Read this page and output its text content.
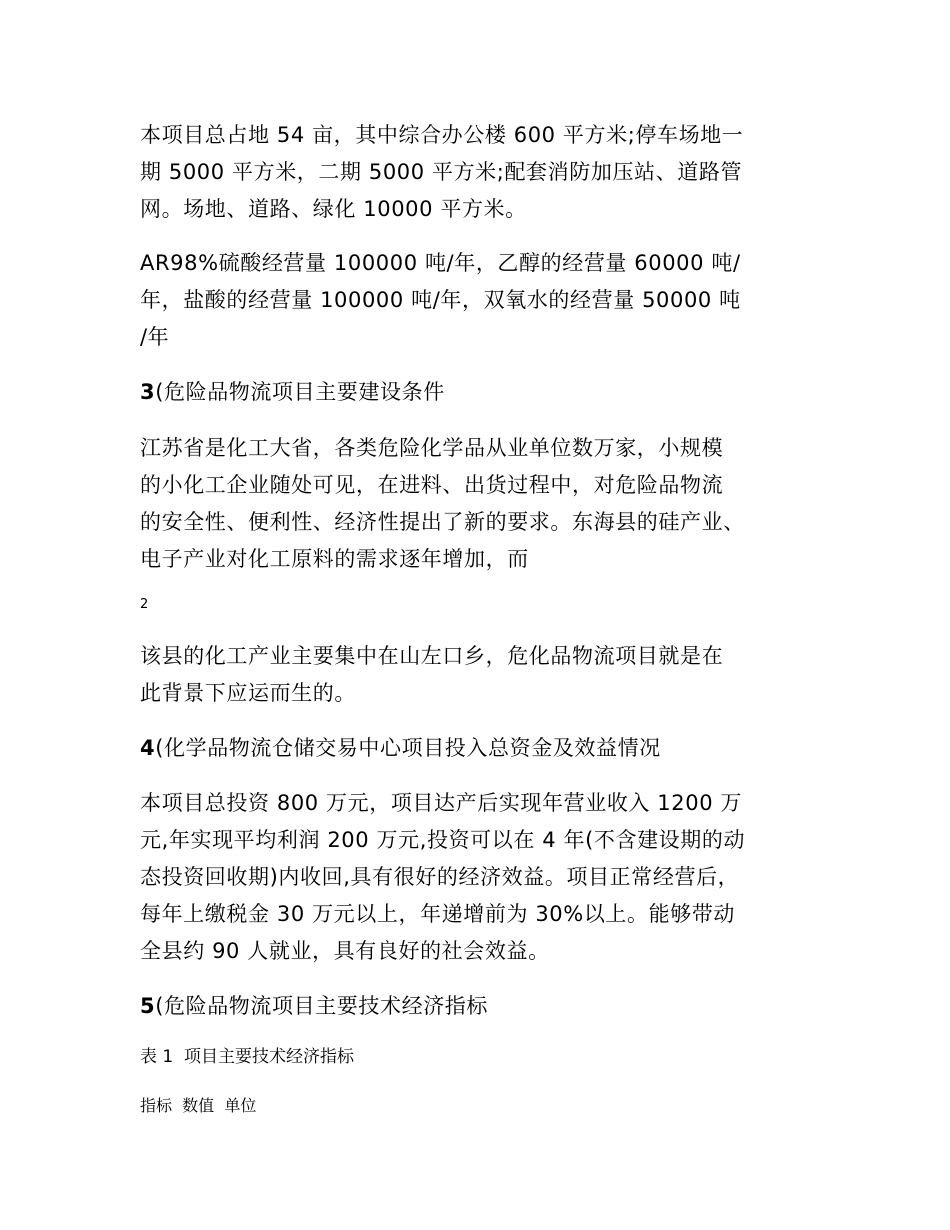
本项目总占地 54 亩，其中综合办公楼 600 平方米;停车场地一
期 5000 平方米，二期 5000 平方米;配套消防加压站、道路管
网。场地、道路、绿化 10000 平方米。
AR98%硫酸经营量 100000 吨/年，乙醇的经营量 60000 吨/
年，盐酸的经营量 100000 吨/年，双氧水的经营量 50000 吨
/年
3(危险品物流项目主要建设条件
江苏省是化工大省，各类危险化学品从业单位数万家，小规模
的小化工企业随处可见，在进料、出货过程中，对危险品物流
的安全性、便利性、经济性提出了新的要求。东海县的硅产业、
电子产业对化工原料的需求逐年增加，而
2
该县的化工产业主要集中在山左口乡，危化品物流项目就是在
此背景下应运而生的。
4(化学品物流仓储交易中心项目投入总资金及效益情况
本项目总投资 800 万元，项目达产后实现年营业收入 1200 万
元,年实现平均利润 200 万元,投资可以在 4 年(不含建设期的动
态投资回收期)内收回,具有很好的经济效益。项目正常经营后，
每年上缴税金 30 万元以上，年递增前为 30%以上。能够带动
全县约 90 人就业，具有良好的社会效益。
5(危险品物流项目主要技术经济指标
表 1  项目主要技术经济指标
指标  数值  单位
